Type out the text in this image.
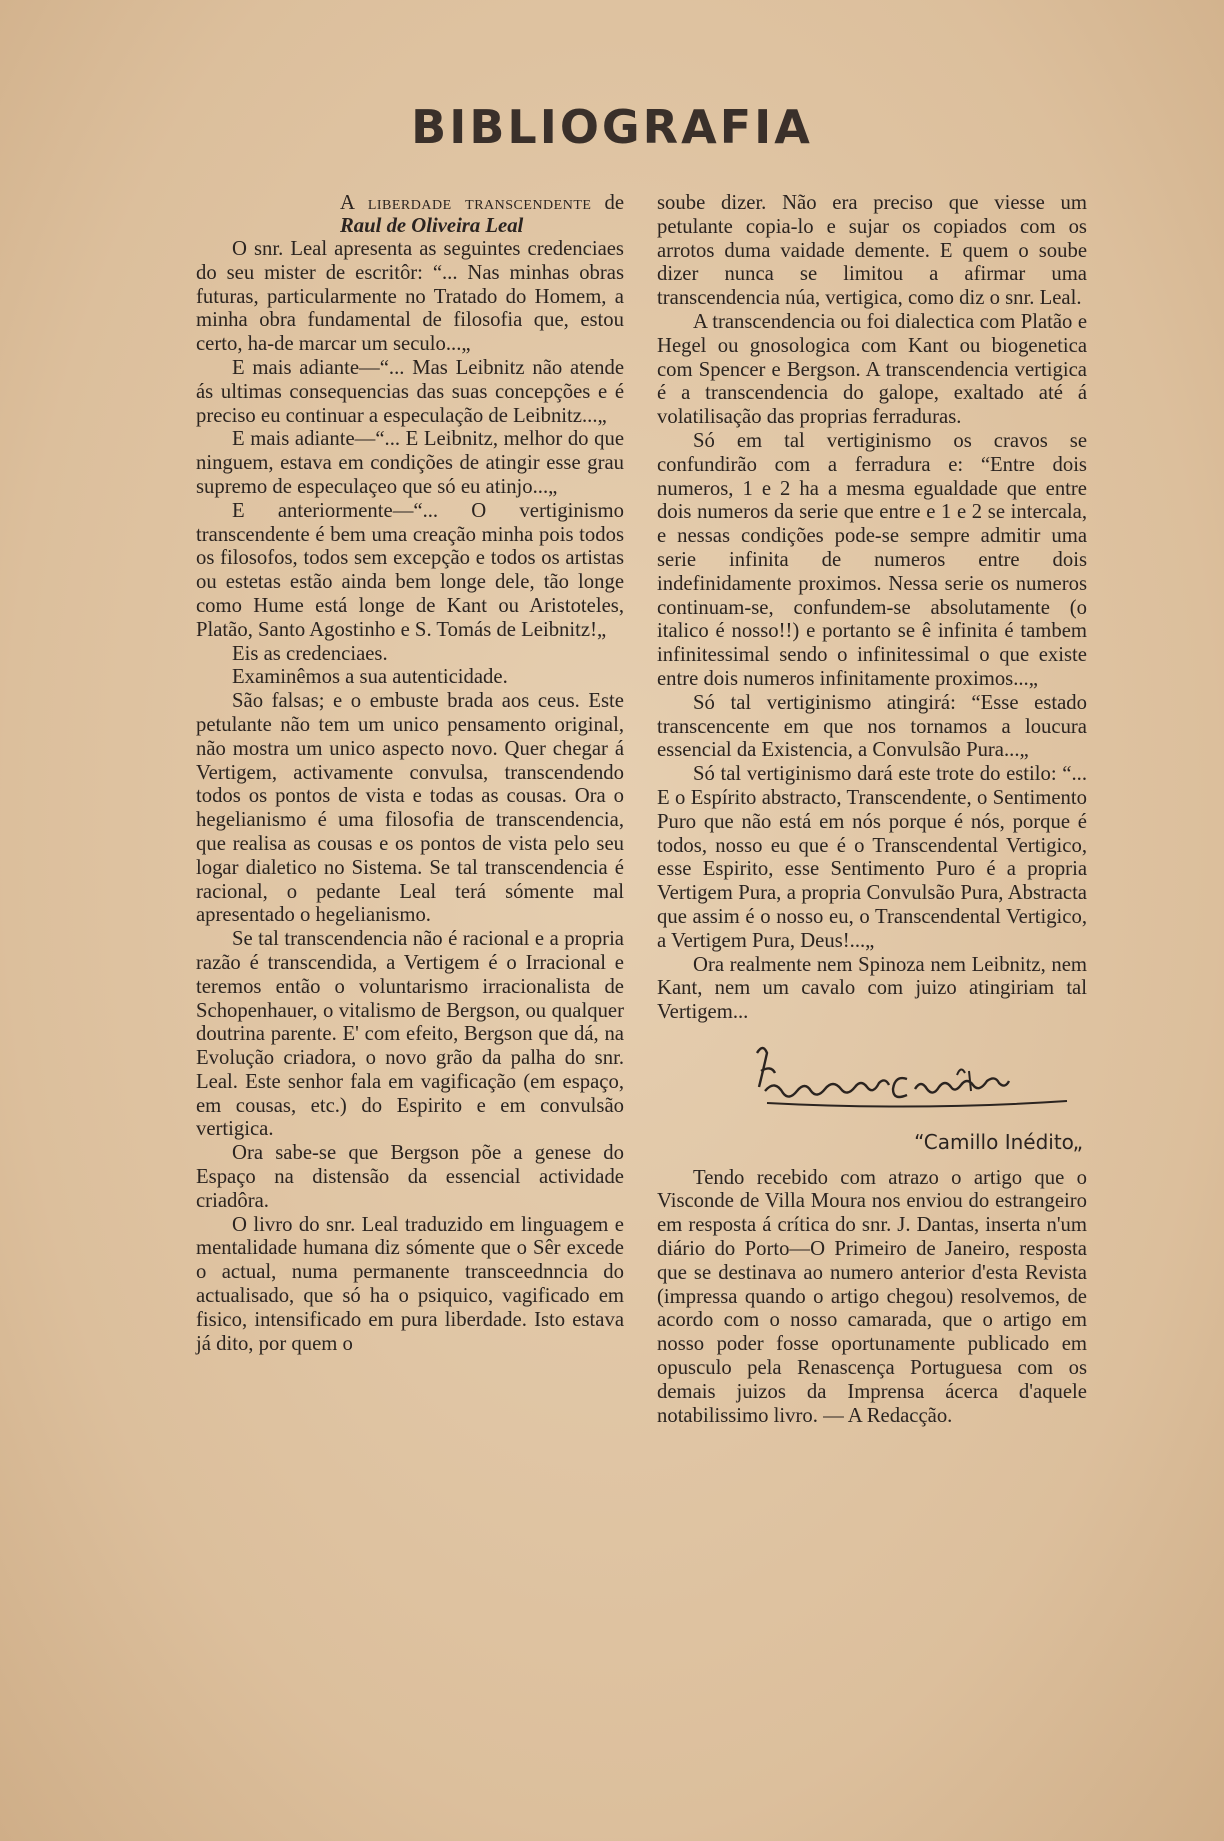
BIBLIOGRAFIA

A liberdade transcendente de Raul de Oliveira Leal

O snr. Leal apresenta as seguintes credenciaes do seu mister de escritôr: “... Nas minhas obras futuras, particularmente no Tratado do Homem, a minha obra fundamental de filosofia que, estou certo, ha-de marcar um seculo...„

E mais adiante—“... Mas Leibnitz não atende ás ultimas consequencias das suas concepções e é preciso eu continuar a especulação de Leibnitz...„

E mais adiante—“... E Leibnitz, melhor do que ninguem, estava em condições de atingir esse grau supremo de especulaçeo que só eu atinjo...„

E anteriormente—“... O vertiginismo transcendente é bem uma creação minha pois todos os filosofos, todos sem excepção e todos os artistas ou estetas estão ainda bem longe dele, tão longe como Hume está longe de Kant ou Aristoteles, Platão, Santo Agostinho e S. Tomás de Leibnitz!„

Eis as credenciaes.

Examinêmos a sua autenticidade.

São falsas; e o embuste brada aos ceus. Este petulante não tem um unico pensamento original, não mostra um unico aspecto novo. Quer chegar á Vertigem, activamente convulsa, transcendendo todos os pontos de vista e todas as cousas. Ora o hegelianismo é uma filosofia de transcendencia, que realisa as cousas e os pontos de vista pelo seu logar dialetico no Sistema. Se tal transcendencia é racional, o pedante Leal terá sómente mal apresentado o hegelianismo.

Se tal transcendencia não é racional e a propria razão é transcendida, a Vertigem é o Irracional e teremos então o voluntarismo irracionalista de Schopenhauer, o vitalismo de Bergson, ou qualquer doutrina parente. E' com efeito, Bergson que dá, na Evolução criadora, o novo grão da palha do snr. Leal. Este senhor fala em vagificação (em espaço, em cousas, etc.) do Espirito e em convulsão vertigica.

Ora sabe-se que Bergson põe a genese do Espaço na distensão da essencial actividade criadôra.

O livro do snr. Leal traduzido em linguagem e mentalidade humana diz sómente que o Sêr excede o actual, numa permanente transceednncia do actualisado, que só ha o psiquico, vagificado em fisico, intensificado em pura liberdade. Isto estava já dito, por quem o

soube dizer. Não era preciso que viesse um petulante copia-lo e sujar os copiados com os arrotos duma vaidade demente. E quem o soube dizer nunca se limitou a afirmar uma transcendencia núa, vertigica, como diz o snr. Leal.

A transcendencia ou foi dialectica com Platão e Hegel ou gnosologica com Kant ou biogenetica com Spencer e Bergson. A transcendencia vertigica é a transcendencia do galope, exaltado até á volatilisação das proprias ferraduras.

Só em tal vertiginismo os cravos se confundirão com a ferradura e: “Entre dois numeros, 1 e 2 ha a mesma egualdade que entre dois numeros da serie que entre e 1 e 2 se intercala, e nessas condições pode-se sempre admitir uma serie infinita de numeros entre dois indefinidamente proximos. Nessa serie os numeros continuam-se, confundem-se absolutamente (o italico é nosso!!) e portanto se ê infinita é tambem infinitessimal sendo o infinitessimal o que existe entre dois numeros infinitamente proximos...„

Só tal vertiginismo atingirá: “Esse estado transcencente em que nos tornamos a loucura essencial da Existencia, a Convulsão Pura...„

Só tal vertiginismo dará este trote do estilo: “... E o Espírito abstracto, Transcendente, o Sentimento Puro que não está em nós porque é nós, porque é todos, nosso eu que é o Transcendental Vertigico, esse Espirito, esse Sentimento Puro é a propria Vertigem Pura, a propria Convulsão Pura, Abstracta que assim é o nosso eu, o Transcendental Vertigico, a Vertigem Pura, Deus!...„

Ora realmente nem Spinoza nem Leibnitz, nem Kant, nem um cavalo com juizo atingiriam tal Vertigem...

“Camillo Inédito„

Tendo recebido com atrazo o artigo que o Visconde de Villa Moura nos enviou do estrangeiro em resposta á crítica do snr. J. Dantas, inserta n'um diário do Porto—O Primeiro de Janeiro, resposta que se destinava ao numero anterior d'esta Revista (impressa quando o artigo chegou) resolvemos, de acordo com o nosso camarada, que o artigo em nosso poder fosse oportunamente publicado em opusculo pela Renascença Portuguesa com os demais juizos da Imprensa ácerca d'aquele notabilissimo livro. — A Redacção.
